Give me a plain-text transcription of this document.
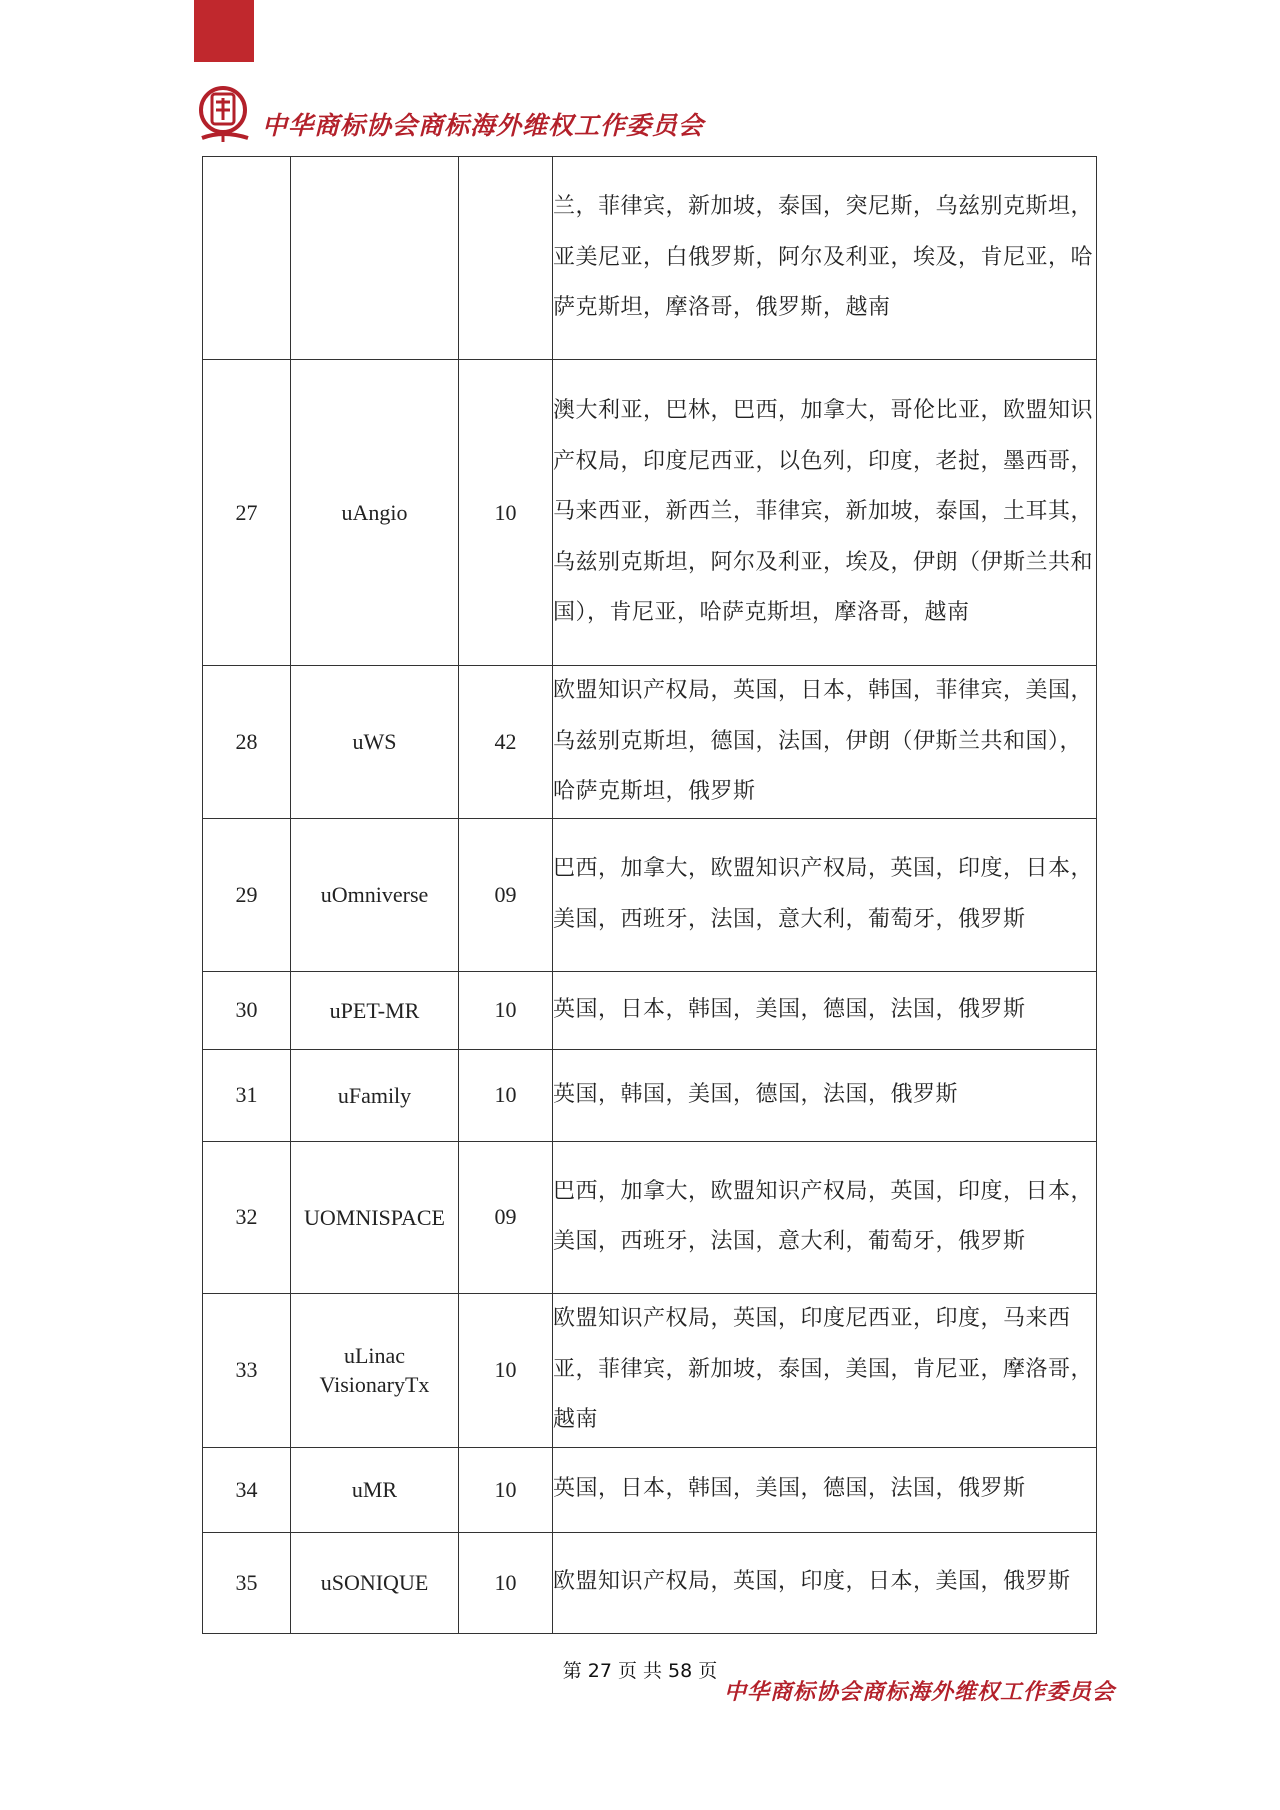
中华商标协会商标海外维权工作委员会
			兰，菲律宾，新加坡，泰国，突尼斯，乌兹别克斯坦，亚美尼亚，白俄罗斯，阿尔及利亚，埃及，肯尼亚，哈萨克斯坦，摩洛哥，俄罗斯，越南
27	uAngio	10	澳大利亚，巴林，巴西，加拿大，哥伦比亚，欧盟知识产权局，印度尼西亚，以色列，印度，老挝，墨西哥，马来西亚，新西兰，菲律宾，新加坡，泰国，土耳其，乌兹别克斯坦，阿尔及利亚，埃及，伊朗（伊斯兰共和国），肯尼亚，哈萨克斯坦，摩洛哥，越南
28	uWS	42	欧盟知识产权局，英国，日本，韩国，菲律宾，美国，乌兹别克斯坦，德国，法国，伊朗（伊斯兰共和国），哈萨克斯坦，俄罗斯
29	uOmniverse	09	巴西，加拿大，欧盟知识产权局，英国，印度，日本，美国，西班牙，法国，意大利，葡萄牙，俄罗斯
30	uPET-MR	10	英国，日本，韩国，美国，德国，法国，俄罗斯
31	uFamily	10	英国，韩国，美国，德国，法国，俄罗斯
32	UOMNISPACE	09	巴西，加拿大，欧盟知识产权局，英国，印度，日本，美国，西班牙，法国，意大利，葡萄牙，俄罗斯
33	uLinac VisionaryTx	10	欧盟知识产权局，英国，印度尼西亚，印度，马来西亚，菲律宾，新加坡，泰国，美国，肯尼亚，摩洛哥，越南
34	uMR	10	英国，日本，韩国，美国，德国，法国，俄罗斯
35	uSONIQUE	10	欧盟知识产权局，英国，印度，日本，美国，俄罗斯
第 27 页 共 58 页
中华商标协会商标海外维权工作委员会
